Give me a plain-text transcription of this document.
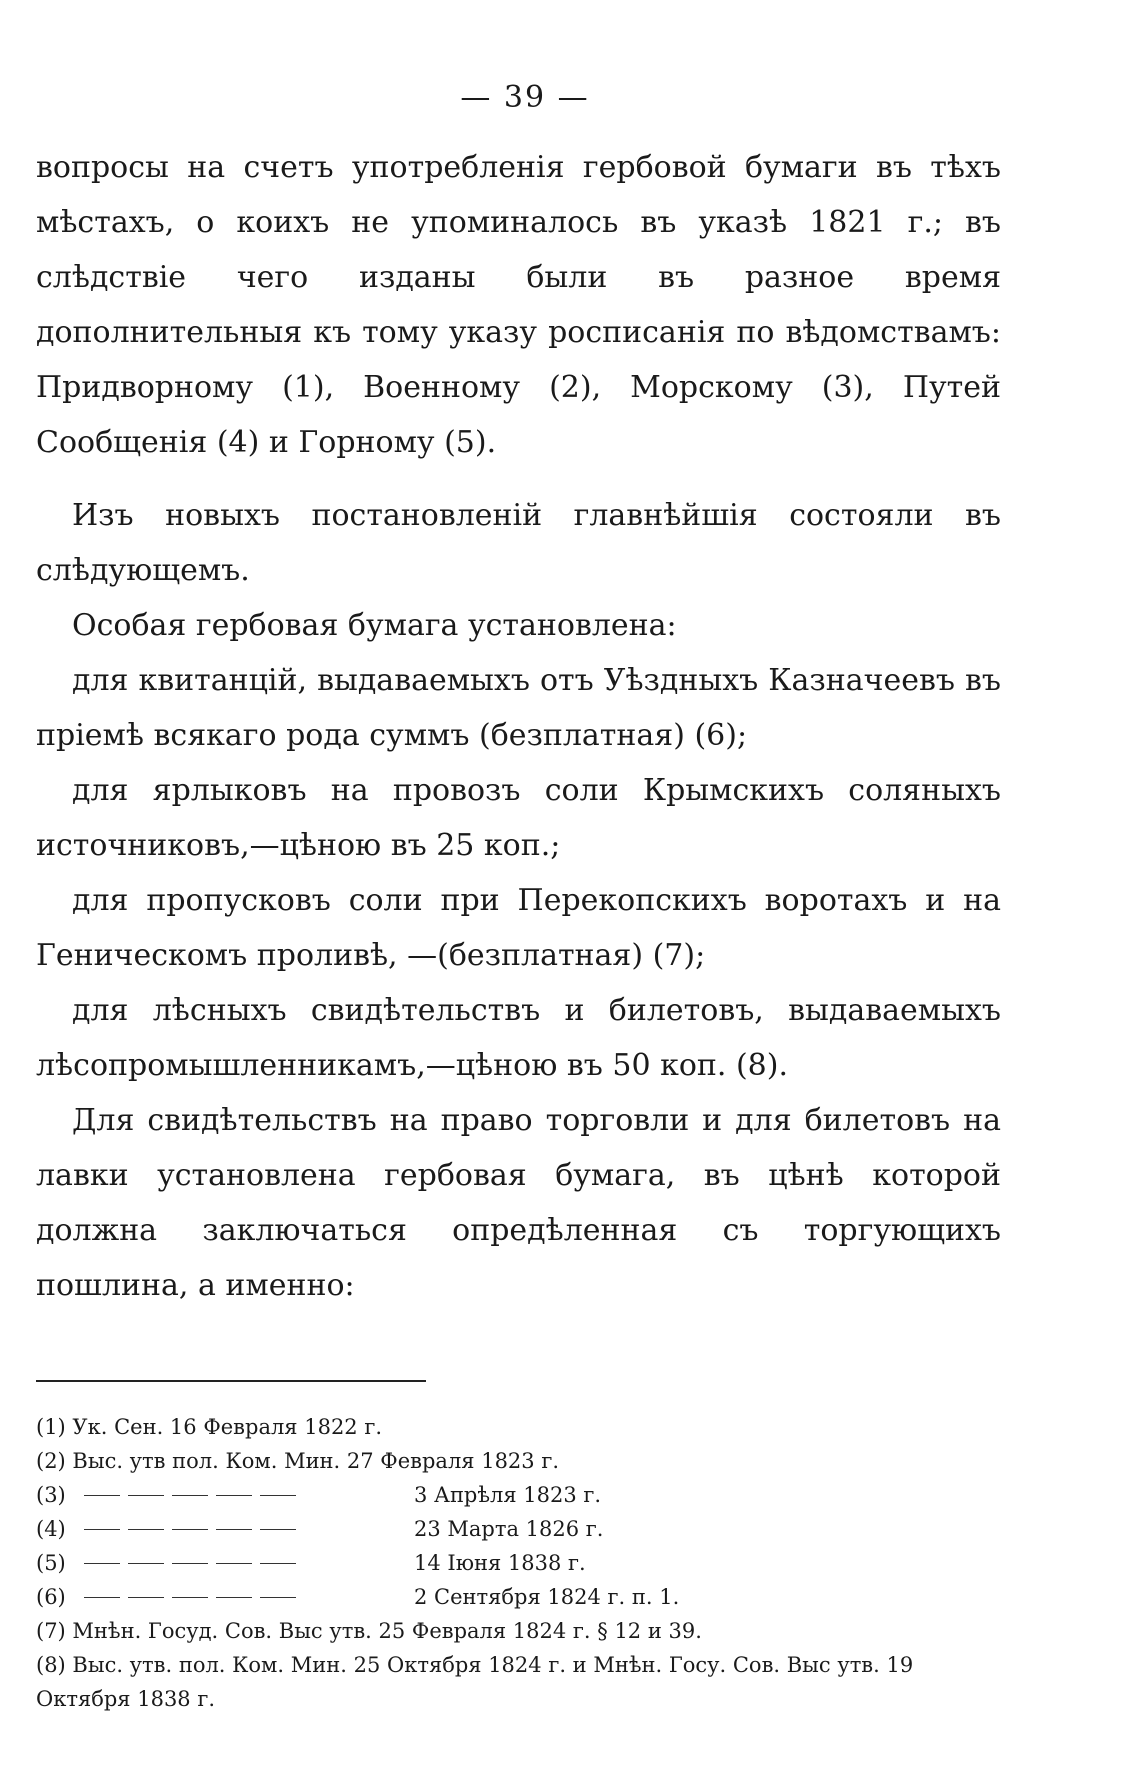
— 39 —

вопросы на счетъ употребленія гербовой бумаги въ тѣхъ мѣстахъ, о коихъ не упоминалось въ указѣ 1821 г.; въ слѣдствіе чего изданы были въ разное время дополнительныя къ тому указу росписанія по вѣдомствамъ: Придворному (1), Военному (2), Морскому (3), Путей Сообщенія (4) и Горному (5).

Изъ новыхъ постановленій главнѣйшія состояли въ слѣдующемъ.

Особая гербовая бумага установлена:

для квитанцій, выдаваемыхъ отъ Уѣздныхъ Казначеевъ въ пріемѣ всякаго рода суммъ (безплатная) (6);

для ярлыковъ на провозъ соли Крымскихъ соляныхъ источниковъ,—цѣною въ 25 коп.;

для пропусковъ соли при Перекопскихъ воротахъ и на Геническомъ проливѣ, —(безплатная) (7);

для лѣсныхъ свидѣтельствъ и билетовъ, выдаваемыхъ лѣсопромышленникамъ,—цѣною въ 50 коп. (8).

Для свидѣтельствъ на право торговли и для билетовъ на лавки установлена гербовая бумага, въ цѣнѣ которой должна заключаться опредѣленная съ торгующихъ пошлина, а именно:

(1) Ук. Сен. 16 Февраля 1822 г.

(2) Выс. утв пол. Ком. Мин. 27 Февраля 1823 г.

(3)	3 Апрѣля 1823 г.
(4)	23 Марта 1826 г.
(5)	14 Іюня 1838 г.
(6)	2 Сентября 1824 г. п. 1.

(7) Мнѣн. Госуд. Сов. Выс утв. 25 Февраля 1824 г. § 12 и 39.

(8) Выс. утв. пол. Ком. Мин. 25 Октября 1824 г. и Мнѣн. Госу. Сов. Выс утв. 19 Октября 1838 г.
